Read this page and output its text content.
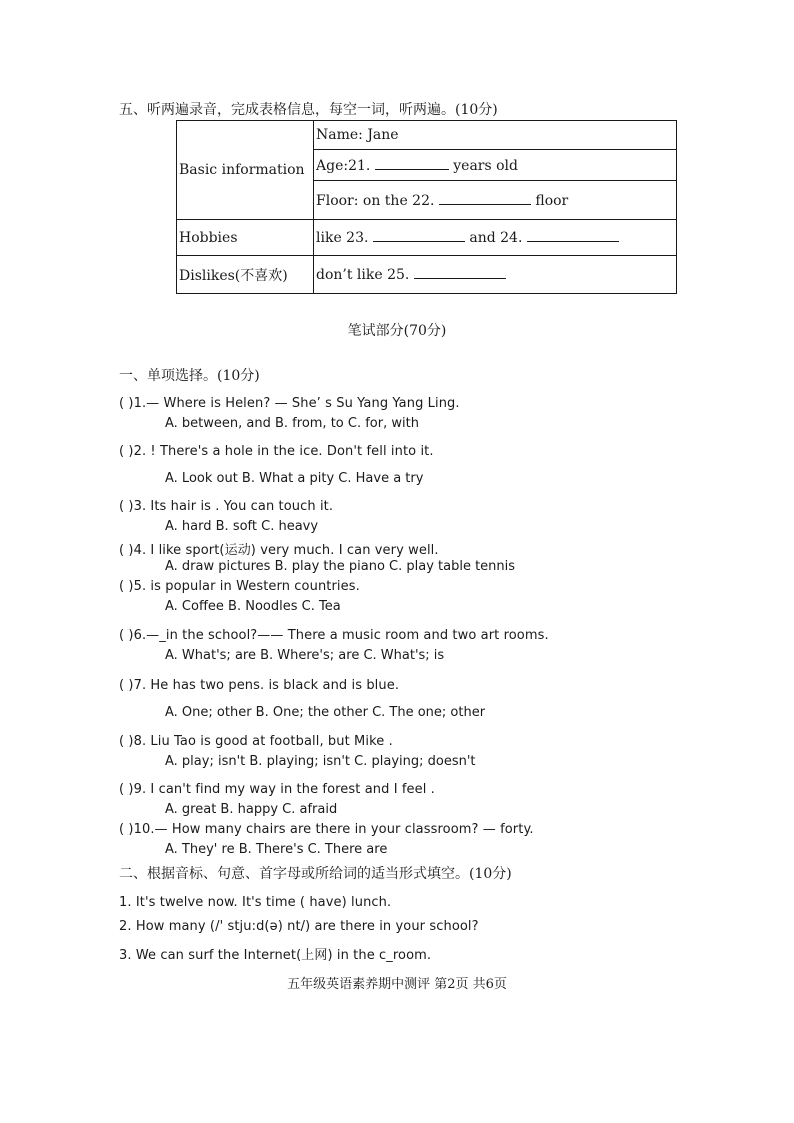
五、听两遍录音，完成表格信息，每空一词，听两遍。(10分)
Basic information	Name: Jane
	Age:21. years old
	Floor: on the 22. floor
Hobbies	like 23. and 24.
Dislikes(不喜欢)	don’t like 25.
笔试部分(70分)
一、单项选择。(10分)
( )1.— Where is Helen? — She’ s Su Yang Yang Ling.
A. between, and B. from, to C. for, with
( )2. ! There's a hole in the ice. Don't fell into it.
A. Look out B. What a pity C. Have a try
( )3. Its hair is . You can touch it.
A. hard B. soft C. heavy
( )4. I like sport(运动) very much. I can very well.
A. draw pictures B. play the piano C. play table tennis
( )5. is popular in Western countries.
A. Coffee B. Noodles C. Tea
( )6.—_in the school?—— There a music room and two art rooms.
A. What's; are B. Where's; are C. What's; is
( )7. He has two pens. is black and is blue.
A. One; other B. One; the other C. The one; other
( )8. Liu Tao is good at football, but Mike .
A. play; isn't B. playing; isn't C. playing; doesn't
( )9. I can't find my way in the forest and I feel .
A. great B. happy C. afraid
( )10.— How many chairs are there in your classroom? — forty.
A. They' re B. There's C. There are
二、根据音标、句意、首字母或所给词的适当形式填空。(10分)
1. It's twelve now. It's time ( have) lunch.
2. How many (/' stju:d(ə) nt/) are there in your school?
3. We can surf the Internet(上网) in the c_room.
五年级英语素养期中测评 第2页 共6页
